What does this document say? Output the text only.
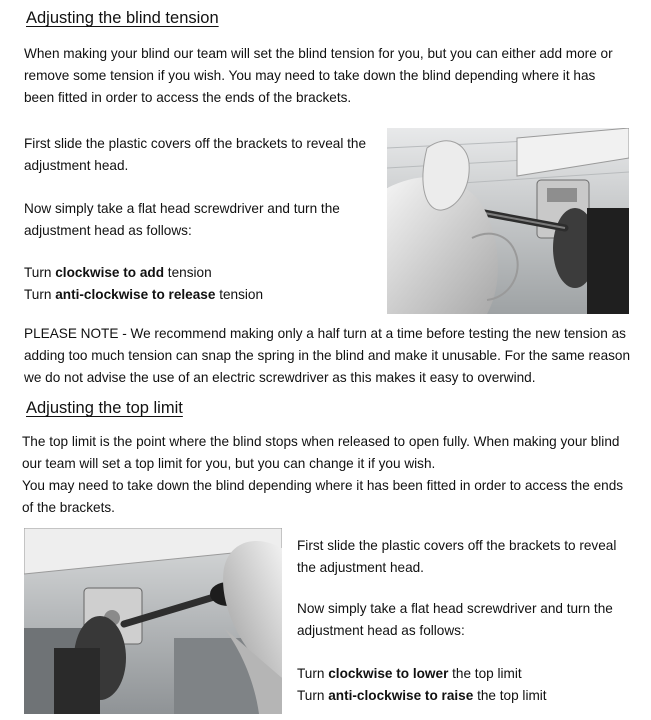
Adjusting the blind tension

When making your blind our team will set the blind tension for you, but you can either add more or remove some tension if you wish. You may need to take down the blind depending where it has been fitted in order to access the ends of the brackets.

First slide the plastic covers off the brackets to reveal the adjustment head.
Now simply take a flat head screwdriver and turn the adjustment head as follows:

Turn clockwise to add tension

Turn anti-clockwise to release tension

PLEASE NOTE - We recommend making only a half turn at a time before testing the new tension as adding too much tension can snap the spring in the blind and make it unusable. For the same reason we do not advise the use of an electric screwdriver as this makes it easy to overwind.

Adjusting the top limit

The top limit is the point where the blind stops when released to open fully. When making your blind our team will set a top limit for you, but you can change it if you wish.

You may need to take down the blind depending where it has been fitted in order to access the ends of the brackets.

First slide the plastic covers off the brackets to reveal the adjustment head.
Now simply take a flat head screwdriver and turn the adjustment head as follows:

Turn clockwise to lower the top limit

Turn anti-clockwise to raise the top limit
